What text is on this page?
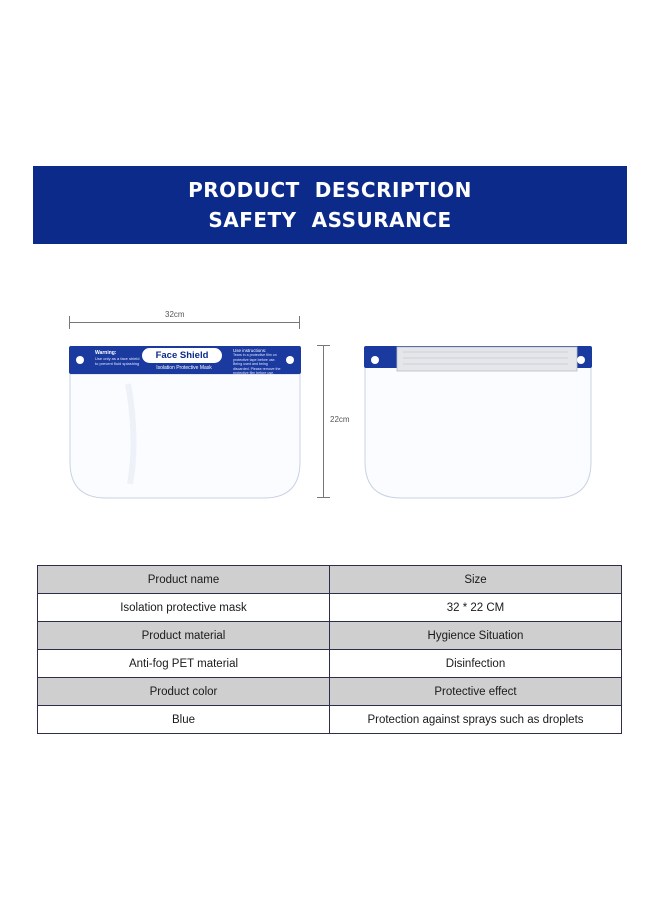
PRODUCT  DESCRIPTION
SAFETY  ASSURANCE
32cm
22cm
Warning:
Use only as a face shield to prevent fluid splashing
Face Shield
Isolation Protective Mask
Use instructions:
Tears in a protective film on protective tape before use. Being used and being discarded. Please remove the protective film before use.
Product name	Size
Isolation protective mask	32 * 22 CM
Product material	Hygience Situation
Anti-fog PET material	Disinfection
Product color	Protective effect
Blue	Protection against sprays such as droplets
